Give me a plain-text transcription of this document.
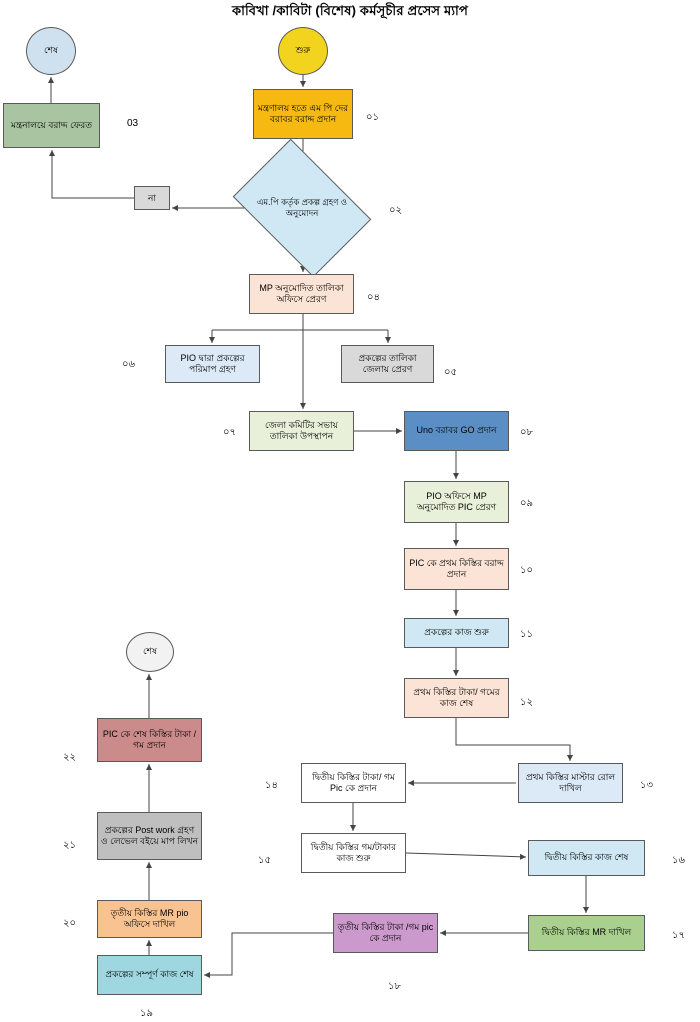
কাবিখা /কাবিটা (বিশেষ) কর্মসূচীর প্রসেস ম্যাপ
শেষ	শুরু
মন্ত্রনালয়ে বরাদ্দ ফেরত
মন্ত্রণালয় হতে এম পি দের বরাবর বরাদ্দ প্রদান
এম.পি কর্তৃক প্রকল্প গ্রহণ ও অনুমোদন
MP অনুমোদিত তালিকা অফিসে প্রেরণ
PIO দ্বারা প্রকল্পের পরিমাপ গ্রহণ
প্রকল্পের তালিকা জেলায় প্রেরণ
জেলা কমিটির সভায় তালিকা উপস্থাপন
Uno বরাবর GO প্রদান
PIO অফিসে MP অনুমোদিত PIC প্রেরণ
PIC কে প্রথম কিস্তির বরাদ্দ প্রদান
প্রকল্পের কাজ শুরু
প্রথম কিস্তির টাকা/ গমের কাজ শেষ
প্রথম কিস্তির মাস্টার রোল দাখিল
দ্বিতীয় কিস্তির টাকা/ গম Pic কে প্রদান
দ্বিতীয় কিস্তির গম/টাকার কাজ শুরু	দ্বিতীয় কিস্তির কাজ শেষ
দ্বিতীয় কিস্তির MR দাখিল
তৃতীয় কিস্তির টাকা /গম pic কে প্রদান
প্রকল্পের সম্পূর্ণ কাজ শেষ
তৃতীয় কিস্তির MR pio অফিসে দাখিল
প্রকল্পের Post work গ্রহণ ও লেভেল বইয়ে মাপ লিখন
PIC কে শেষ কিস্তির টাকা /গম প্রদান
শেষ
০১
০২
03
০৪
০৫
০৬
০৭	০৮
০৯
১০
১১
১২
১৩
১৪
১৫	১৬
১৭
১৮
১৯
২০
২১
২২
না
